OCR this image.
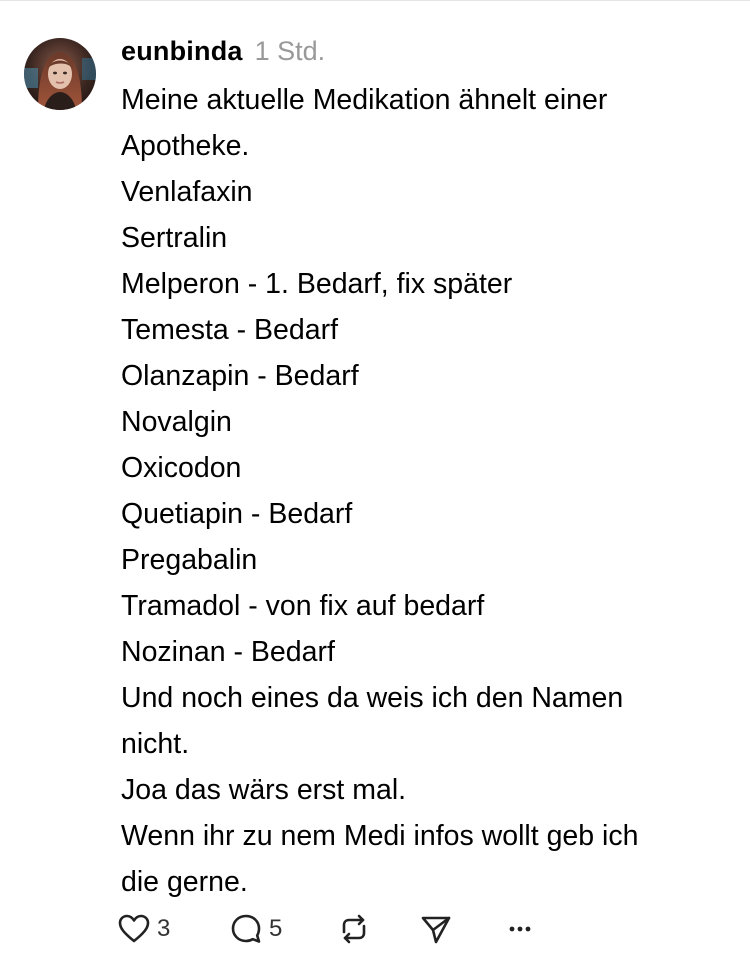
eunbinda 1 Std.
Meine aktuelle Medikation ähnelt einer
Apotheke.
Venlafaxin
Sertralin
Melperon - 1. Bedarf, fix später
Temesta - Bedarf
Olanzapin - Bedarf
Novalgin
Oxicodon
Quetiapin - Bedarf
Pregabalin
Tramadol - von fix auf bedarf
Nozinan - Bedarf
Und noch eines da weis ich den Namen
nicht.
Joa das wärs erst mal.
Wenn ihr zu nem Medi infos wollt geb ich
die gerne.
3	5
